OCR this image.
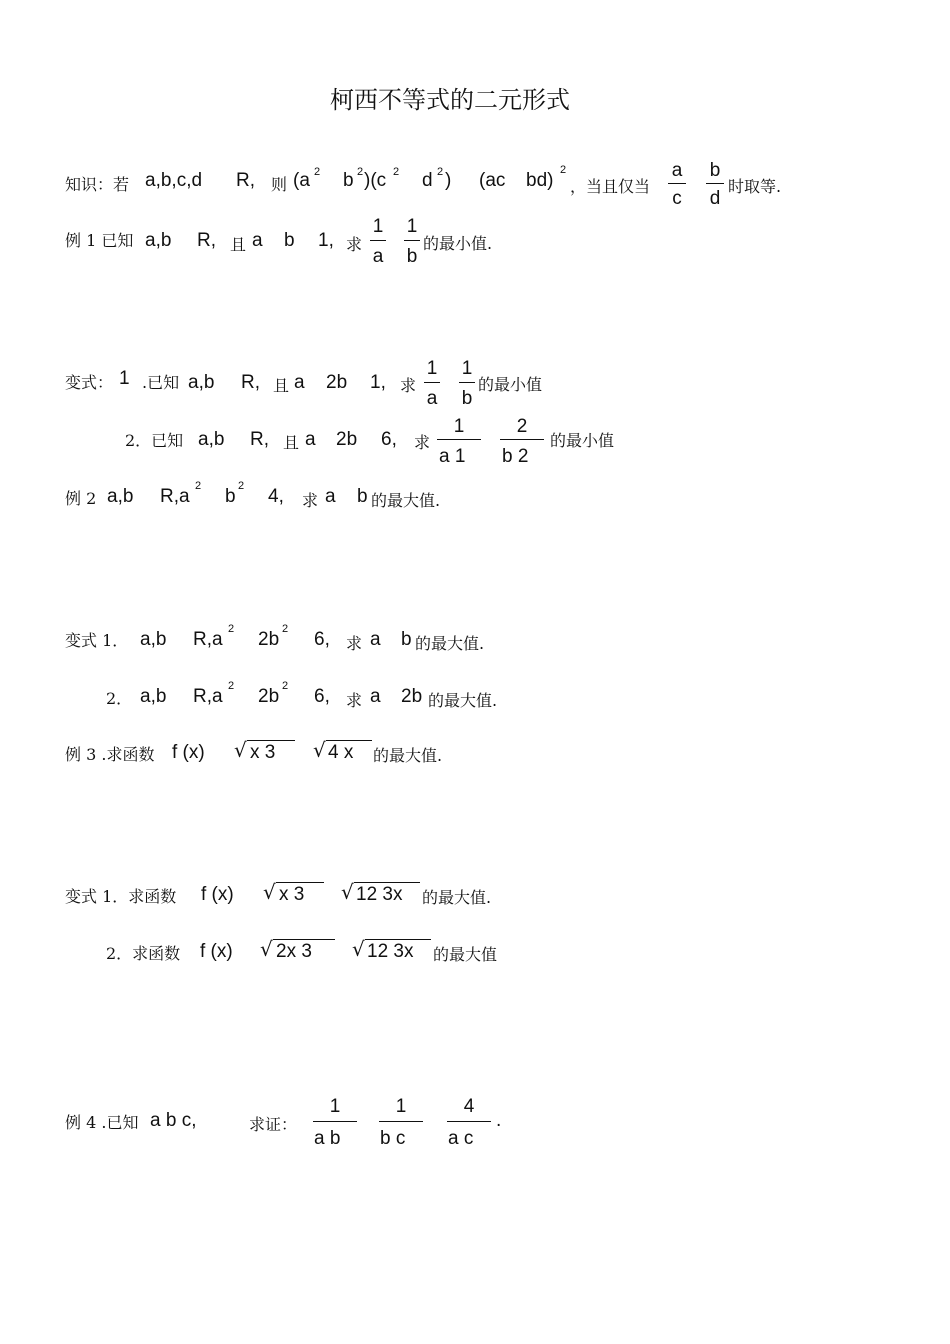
柯西不等式的二元形式
知识：若 a,b,c,d R, 则 (a 2 b 2 )(c 2 d 2 ) (ac bd) 2
，当且仅当
a
c
b
d
时取等.
例 1 已知 a,b R, 且 a b 1, 求
1
a
1
b
的最小值.
变式： 1 .已知 a,b R, 且 a 2b 1, 求
1
a
1
b
的最小值
2．已知 a,b R, 且 a 2b 6, 求
1
a 1
2
b 2
的最小值
例 2 a,b R,a 2 b 2 4, 求 a b 的最大值.
变式 1． a,b R,a 2 2b 2 6, 求 a b 的最大值.
2． a,b R,a 2 2b 2 6, 求 a 2b 的最大值.
例 3 .求函数 f (x) √ x 3 √ 4 x 的最大值.
变式 1．求函数 f (x) √ x 3 √ 12 3x 的最大值.
2．求函数 f (x) √ 2x 3 √ 12 3x 的最大值
例 4 .已知 a b c,	求证：
1
a b
1
b c
4
a c
.
